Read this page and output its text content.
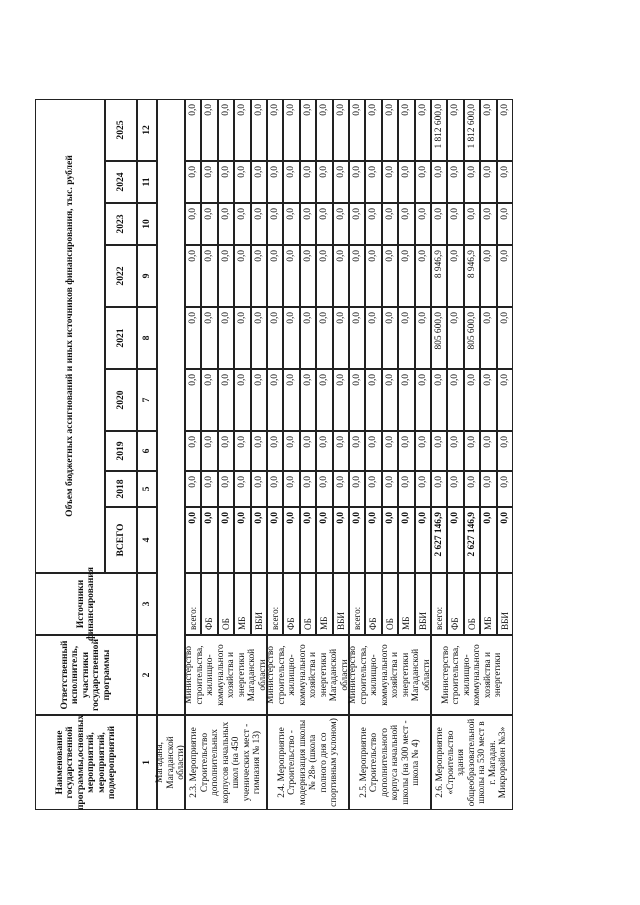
Наименование государственной программы,основных мероприятий, мероприятий, подмероприятий
Ответственный исполнитель, участники государственной программы
Источники финансирования
Объем бюджетных ассигнований и иных источников финансирования, тыс. рублей
ВСЕГО
2018
2019
2020
2021
2022
2023
2024
2025
1
2
3
4
5
6
7
8
9
10
11
12
Магадана, Магаданской области) 2.3. Мероприятие Строительство дополнительных корпусов начальных школ (на 450 ученических мест - гимназия № 13)
Министерство строительства, жилищно-коммунального хозяйства и энергетики Магаданской области
всего:
0,0
0,0
0,0
0,0
0,0
0,0
0,0
0,0
0,0
ФБ
0,0
0,0
0,0
0,0
0,0
0,0
0,0
0,0
0,0
ОБ
0,0
0,0
0,0
0,0
0,0
0,0
0,0
0,0
0,0
МБ
0,0
0,0
0,0
0,0
0,0
0,0
0,0
0,0
0,0
ВБИ
0,0
0,0
0,0
0,0
0,0
0,0
0,0
0,0
0,0
2.4. Мероприятие Строительство - модернизация школы № 28» (школа полного дня со спортивным уклоном)
Министерство строительства, жилищно-коммунального хозяйства и энергетики Магаданской области
всего:
0,0
0,0
0,0
0,0
0,0
0,0
0,0
0,0
0,0
ФБ
0,0
0,0
0,0
0,0
0,0
0,0
0,0
0,0
0,0
ОБ
0,0
0,0
0,0
0,0
0,0
0,0
0,0
0,0
0,0
МБ
0,0
0,0
0,0
0,0
0,0
0,0
0,0
0,0
0,0
ВБИ
0,0
0,0
0,0
0,0
0,0
0,0
0,0
0,0
0,0
2.5. Мероприятие Строительство дополнительного корпуса начальной школы (на 300 мест - школа № 4)
Министерство строительства, жилищно-коммунального хозяйства и энергетики Магаданской области
всего:
0,0
0,0
0,0
0,0
0,0
0,0
0,0
0,0
0,0
ФБ
0,0
0,0
0,0
0,0
0,0
0,0
0,0
0,0
0,0
ОБ
0,0
0,0
0,0
0,0
0,0
0,0
0,0
0,0
0,0
МБ
0,0
0,0
0,0
0,0
0,0
0,0
0,0
0,0
0,0
ВБИ
0,0
0,0
0,0
0,0
0,0
0,0
0,0
0,0
0,0
2.6. Мероприятие «Строительство здания общеобразовательной школы на 530 мест в г. Магадан. Микрорайон №3»
Министерство строительства, жилищно-коммунального хозяйства и энергетики
всего:
2 627 146,9
0,0
0,0
0,0
805 600,0
8 946,9
0,0
0,0
1 812 600,0
ФБ
0,0
0,0
0,0
0,0
0,0
0,0
0,0
0,0
0,0
ОБ
2 627 146,9
0,0
0,0
0,0
805 600,0
8 946,9
0,0
0,0
1 812 600,0
МБ
0,0
0,0
0,0
0,0
0,0
0,0
0,0
0,0
0,0
ВБИ
0,0
0,0
0,0
0,0
0,0
0,0
0,0
0,0
0,0
